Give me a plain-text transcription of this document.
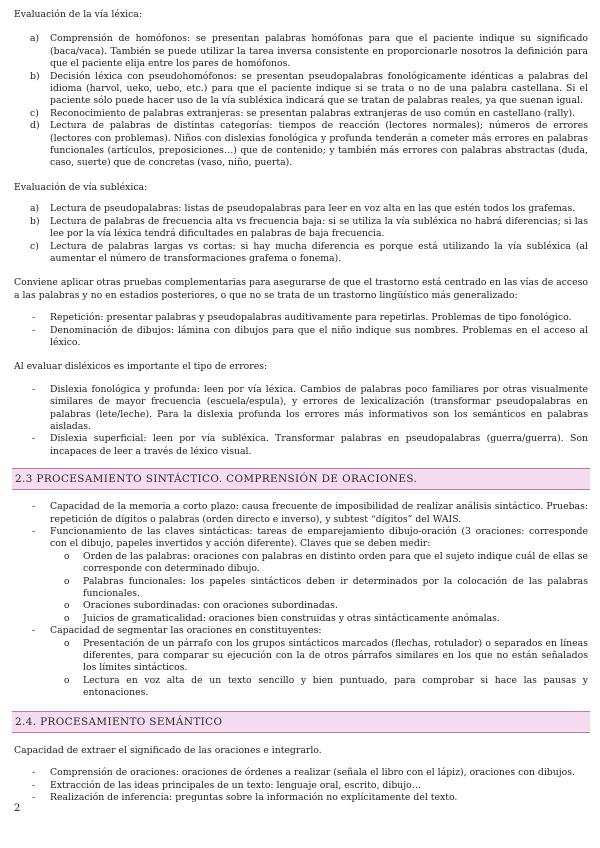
Evaluación de la vía léxica:

a) Comprensión de homófonos: se presentan palabras homófonas para que el paciente indique su significado (baca/vaca). También se puede utilizar la tarea inversa consistente en proporcionarle nosotros la definición para que el paciente elija entre los pares de homófonos.
b) Decisión léxica con pseudohomófonos: se presentan pseudopalabras fonológicamente idénticas a palabras del idioma (harvol, ueko, uebo, etc.) para que el paciente indique si se trata o no de una palabra castellana. Si el paciente sólo puede hacer uso de la vía subléxica indicará que se tratan de palabras reales, ya que suenan igual.
c) Reconocimiento de palabras extranjeras: se presentan palabras extranjeras de uso común en castellano (rally).
d) Lectura de palabras de distintas categorías: tiempos de reacción (lectores normales); números de errores (lectores con problemas). Niños con dislexias fonológica y profunda tenderán a cometer más errores en palabras funcionales (artículos, preposiciones…) que de contenido; y también más errores con palabras abstractas (duda, caso, suerte) que de concretas (vaso, niño, puerta).

Evaluación de vía subléxica:

a) Lectura de pseudopalabras: listas de pseudopalabras para leer en voz alta en las que estén todos los grafemas.
b) Lectura de palabras de frecuencia alta vs frecuencia baja: si se utiliza la vía subléxica no habrá diferencias; si las lee por la vía léxica tendrá dificultades en palabras de baja frecuencia.
c) Lectura de palabras largas vs cortas: si hay mucha diferencia es porque está utilizando la vía subléxica (al aumentar el número de transformaciones grafema o fonema).

Conviene aplicar otras pruebas complementarias para asegurarse de que el trastorno está centrado en las vías de acceso a las palabras y no en estadios posteriores, o que no se trata de un trastorno lingüístico más generalizado:

- Repetición: presentar palabras y pseudopalabras auditivamente para repetirlas. Problemas de tipo fonológico.
- Denominación de dibujos: lámina con dibujos para que el niño indique sus nombres. Problemas en el acceso al léxico.

Al evaluar disléxicos es importante el tipo de errores:

- Dislexia fonológica y profunda: leen por vía léxica. Cambios de palabras poco familiares por otras visualmente similares de mayor frecuencia (escuela/espula), y errores de lexicalización (transformar pseudopalabras en palabras (lete/leche). Para la dislexia profunda los errores más informativos son los semánticos en palabras aisladas.
- Dislexia superficial: leen por vía subléxica. Transformar palabras en pseudopalabras (guerra/guerra). Son incapaces de leer a través de léxico visual.
2.3 PROCESAMIENTO SINTÁCTICO. COMPRENSIÓN DE ORACIONES.
- Capacidad de la memoria a corto plazo: causa frecuente de imposibilidad de realizar análisis sintáctico. Pruebas: repetición de dígitos o palabras (orden directo e inverso), y subtest “dígitos” del WAIS.
- Funcionamiento de las claves sintácticas: tareas de emparejamiento dibujo-oración (3 oraciones: corresponde con el dibujo, papeles invertidos y acción diferente). Claves que se deben medir:
o Orden de las palabras: oraciones con palabras en distinto orden para que el sujeto indique cuál de ellas se corresponde con determinado dibujo.
o Palabras funcionales: los papeles sintácticos deben ir determinados por la colocación de las palabras funcionales.
o Oraciones subordinadas: con oraciones subordinadas.
o Juicios de gramaticalidad: oraciones bien construidas y otras sintácticamente anómalas.
- Capacidad de segmentar las oraciones en constituyentes:
o Presentación de un párrafo con los grupos sintácticos marcados (flechas, rotulador) o separados en líneas diferentes, para comparar su ejecución con la de otros párrafos similares en los que no están señalados los límites sintácticos.
o Lectura en voz alta de un texto sencillo y bien puntuado, para comprobar si hace las pausas y entonaciones.
2.4. PROCESAMIENTO SEMÁNTICO

Capacidad de extraer el significado de las oraciones e integrarlo.

- Comprensión de oraciones: oraciones de órdenes a realizar (señala el libro con el lápiz), oraciones con dibujos.
- Extracción de las ideas principales de un texto: lenguaje oral, escrito, dibujo…
- Realización de inferencia: preguntas sobre la información no explícitamente del texto.
2
